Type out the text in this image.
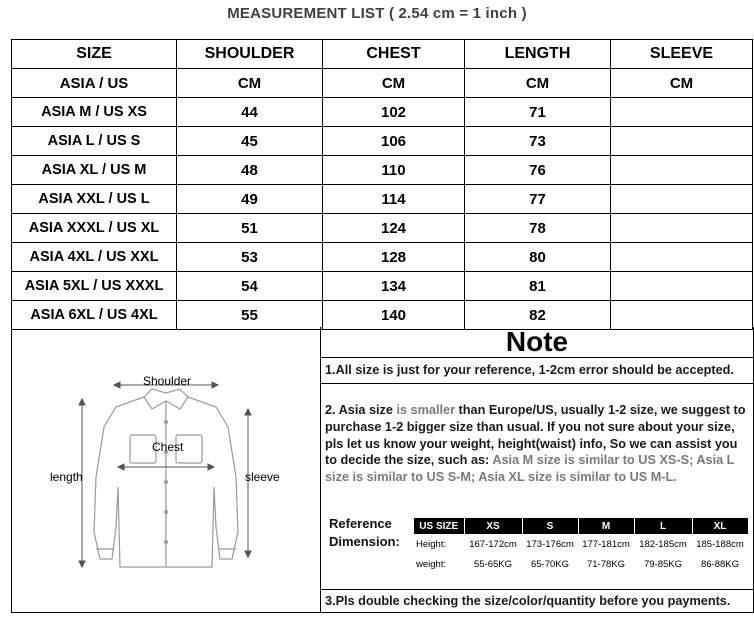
MEASUREMENT LIST ( 2.54 cm = 1 inch )
SIZE	SHOULDER	CHEST	LENGTH	SLEEVE
ASIA / US	CM	CM	CM	CM
ASIA M / US XS	44	102	71	
ASIA L / US S	45	106	73	
ASIA XL / US M	48	110	76	
ASIA XXL / US L	49	114	77	
ASIA XXXL / US XL	51	124	78	
ASIA 4XL / US XXL	53	128	80	
ASIA 5XL / US XXXL	54	134	81	
ASIA 6XL / US 4XL	55	140	82	
Shoulder
Chest
length	sleeve
Note
1.All size is just for your reference, 1-2cm error should be accepted.
2. Asia size is smaller than Europe/US, usually 1-2 size, we suggest to purchase 1-2 bigger size than usual. If you not sure about your size, pls let us know your weight, height(waist) info, So we can assist you to decide the size, such as: Asia M size is similar to US XS-S; Asia L size is similar to US S-M; Asia XL size is similar to US M-L.
Reference
Dimension:
US SIZE	XS	S	M	L	XL
Height:	167-172cm	173-176cm	177-181cm	182-185cm	185-188cm
weight:	55-65KG	65-70KG	71-78KG	79-85KG	86-88KG
3.Pls double checking the size/color/quantity before you payments.
